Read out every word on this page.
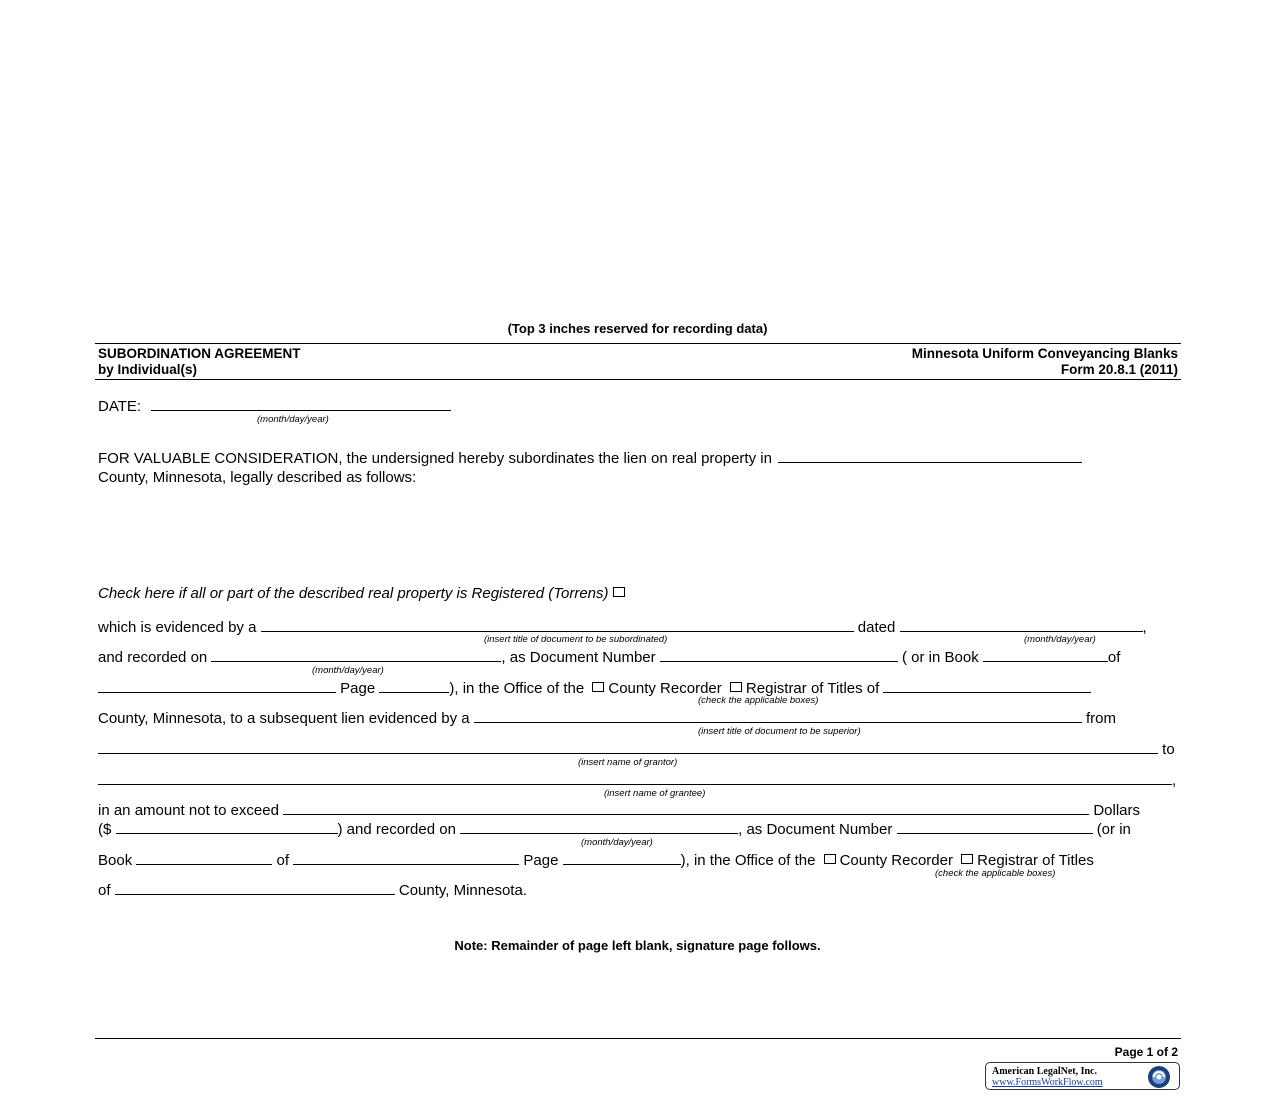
(Top 3 inches reserved for recording data)
SUBORDINATION AGREEMENT
by Individual(s)
Minnesota Uniform Conveyancing Blanks
Form 20.8.1 (2011)
DATE:
(month/day/year)
FOR VALUABLE CONSIDERATION, the undersigned hereby subordinates the lien on real property in
County, Minnesota, legally described as follows:
Check here if all or part of the described real property is Registered (Torrens)
which is evidenced by a	dated	,
(insert title of document to be subordinated)	(month/day/year)
and recorded on	, as Document Number	( or in Book	of
(month/day/year)
Page	), in the Office of the County Recorder Registrar of Titles of
(check the applicable boxes)
County, Minnesota, to a subsequent lien evidenced by a	from
(insert title of document to be superior)
to
(insert name of grantor)
,
(insert name of grantee)
in an amount not to exceed	Dollars
($	) and recorded on	, as Document Number	(or in
(month/day/year)
Book	of	Page	), in the Office of the County Recorder Registrar of Titles
(check the applicable boxes)
of	County, Minnesota.
Note: Remainder of page left blank, signature page follows.
Page 1 of 2
American LegalNet, Inc.
www.FormsWorkFlow.com
